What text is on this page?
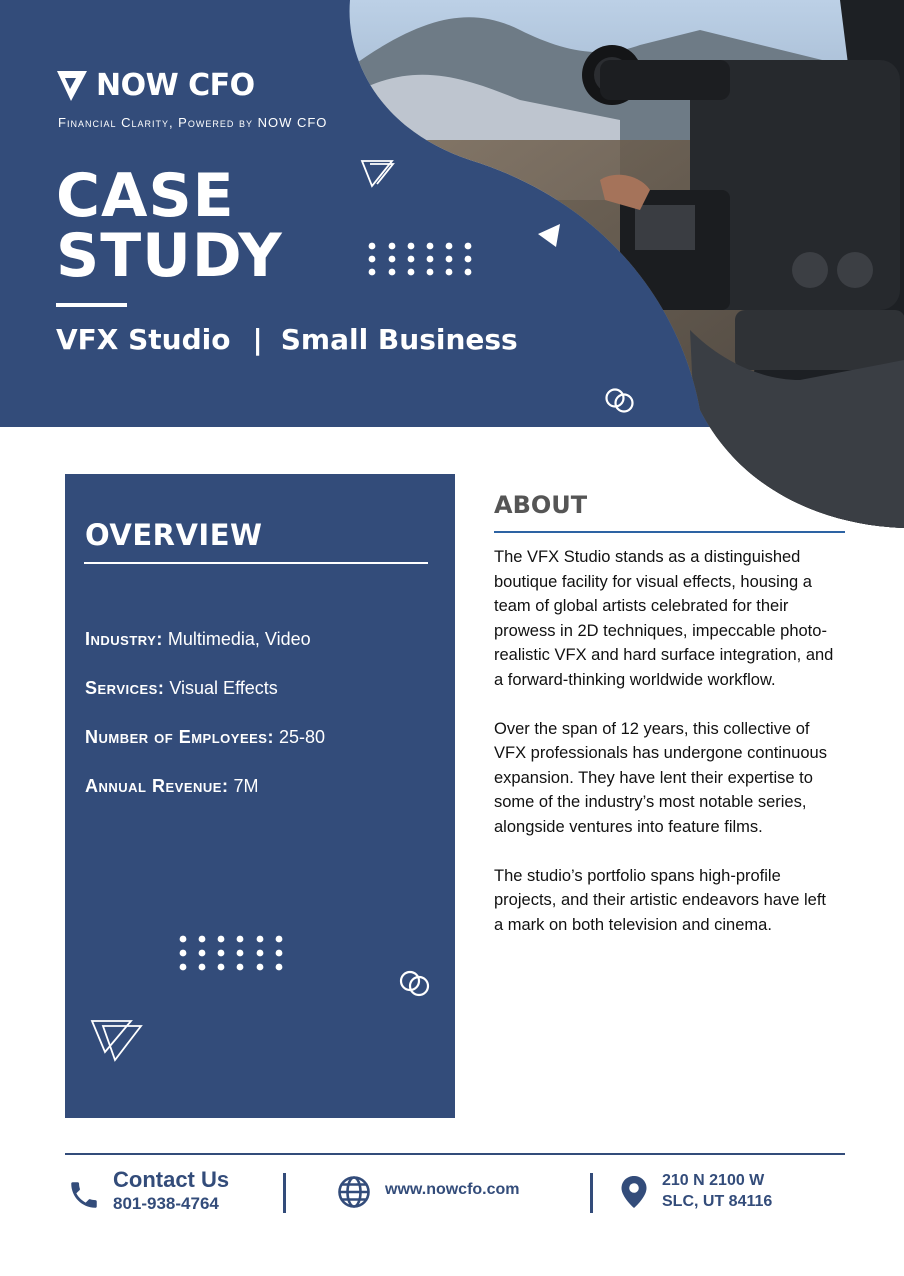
NOW CFO
Financial Clarity, Powered by NOW CFO
CASE
STUDY
VFX Studio | Small Business
OVERVIEW
Industry: Multimedia, Video
Services: Visual Effects
Number of Employees: 25-80
Annual Revenue: 7M
ABOUT

The VFX Studio stands as a distinguished boutique facility for visual effects, housing a team of global artists celebrated for their prowess in 2D techniques, impeccable photo-realistic VFX and hard surface integration, and a forward-thinking worldwide workflow.

Over the span of 12 years, this collective of VFX professionals has undergone continuous expansion. They have lent their expertise to some of the industry’s most notable series, alongside ventures into feature films.

The studio’s portfolio spans high-profile projects, and their artistic endeavors have left a mark on both television and cinema.

Contact Us
801-938-4764
www.nowcfo.com
210 N 2100 W
SLC, UT 84116
